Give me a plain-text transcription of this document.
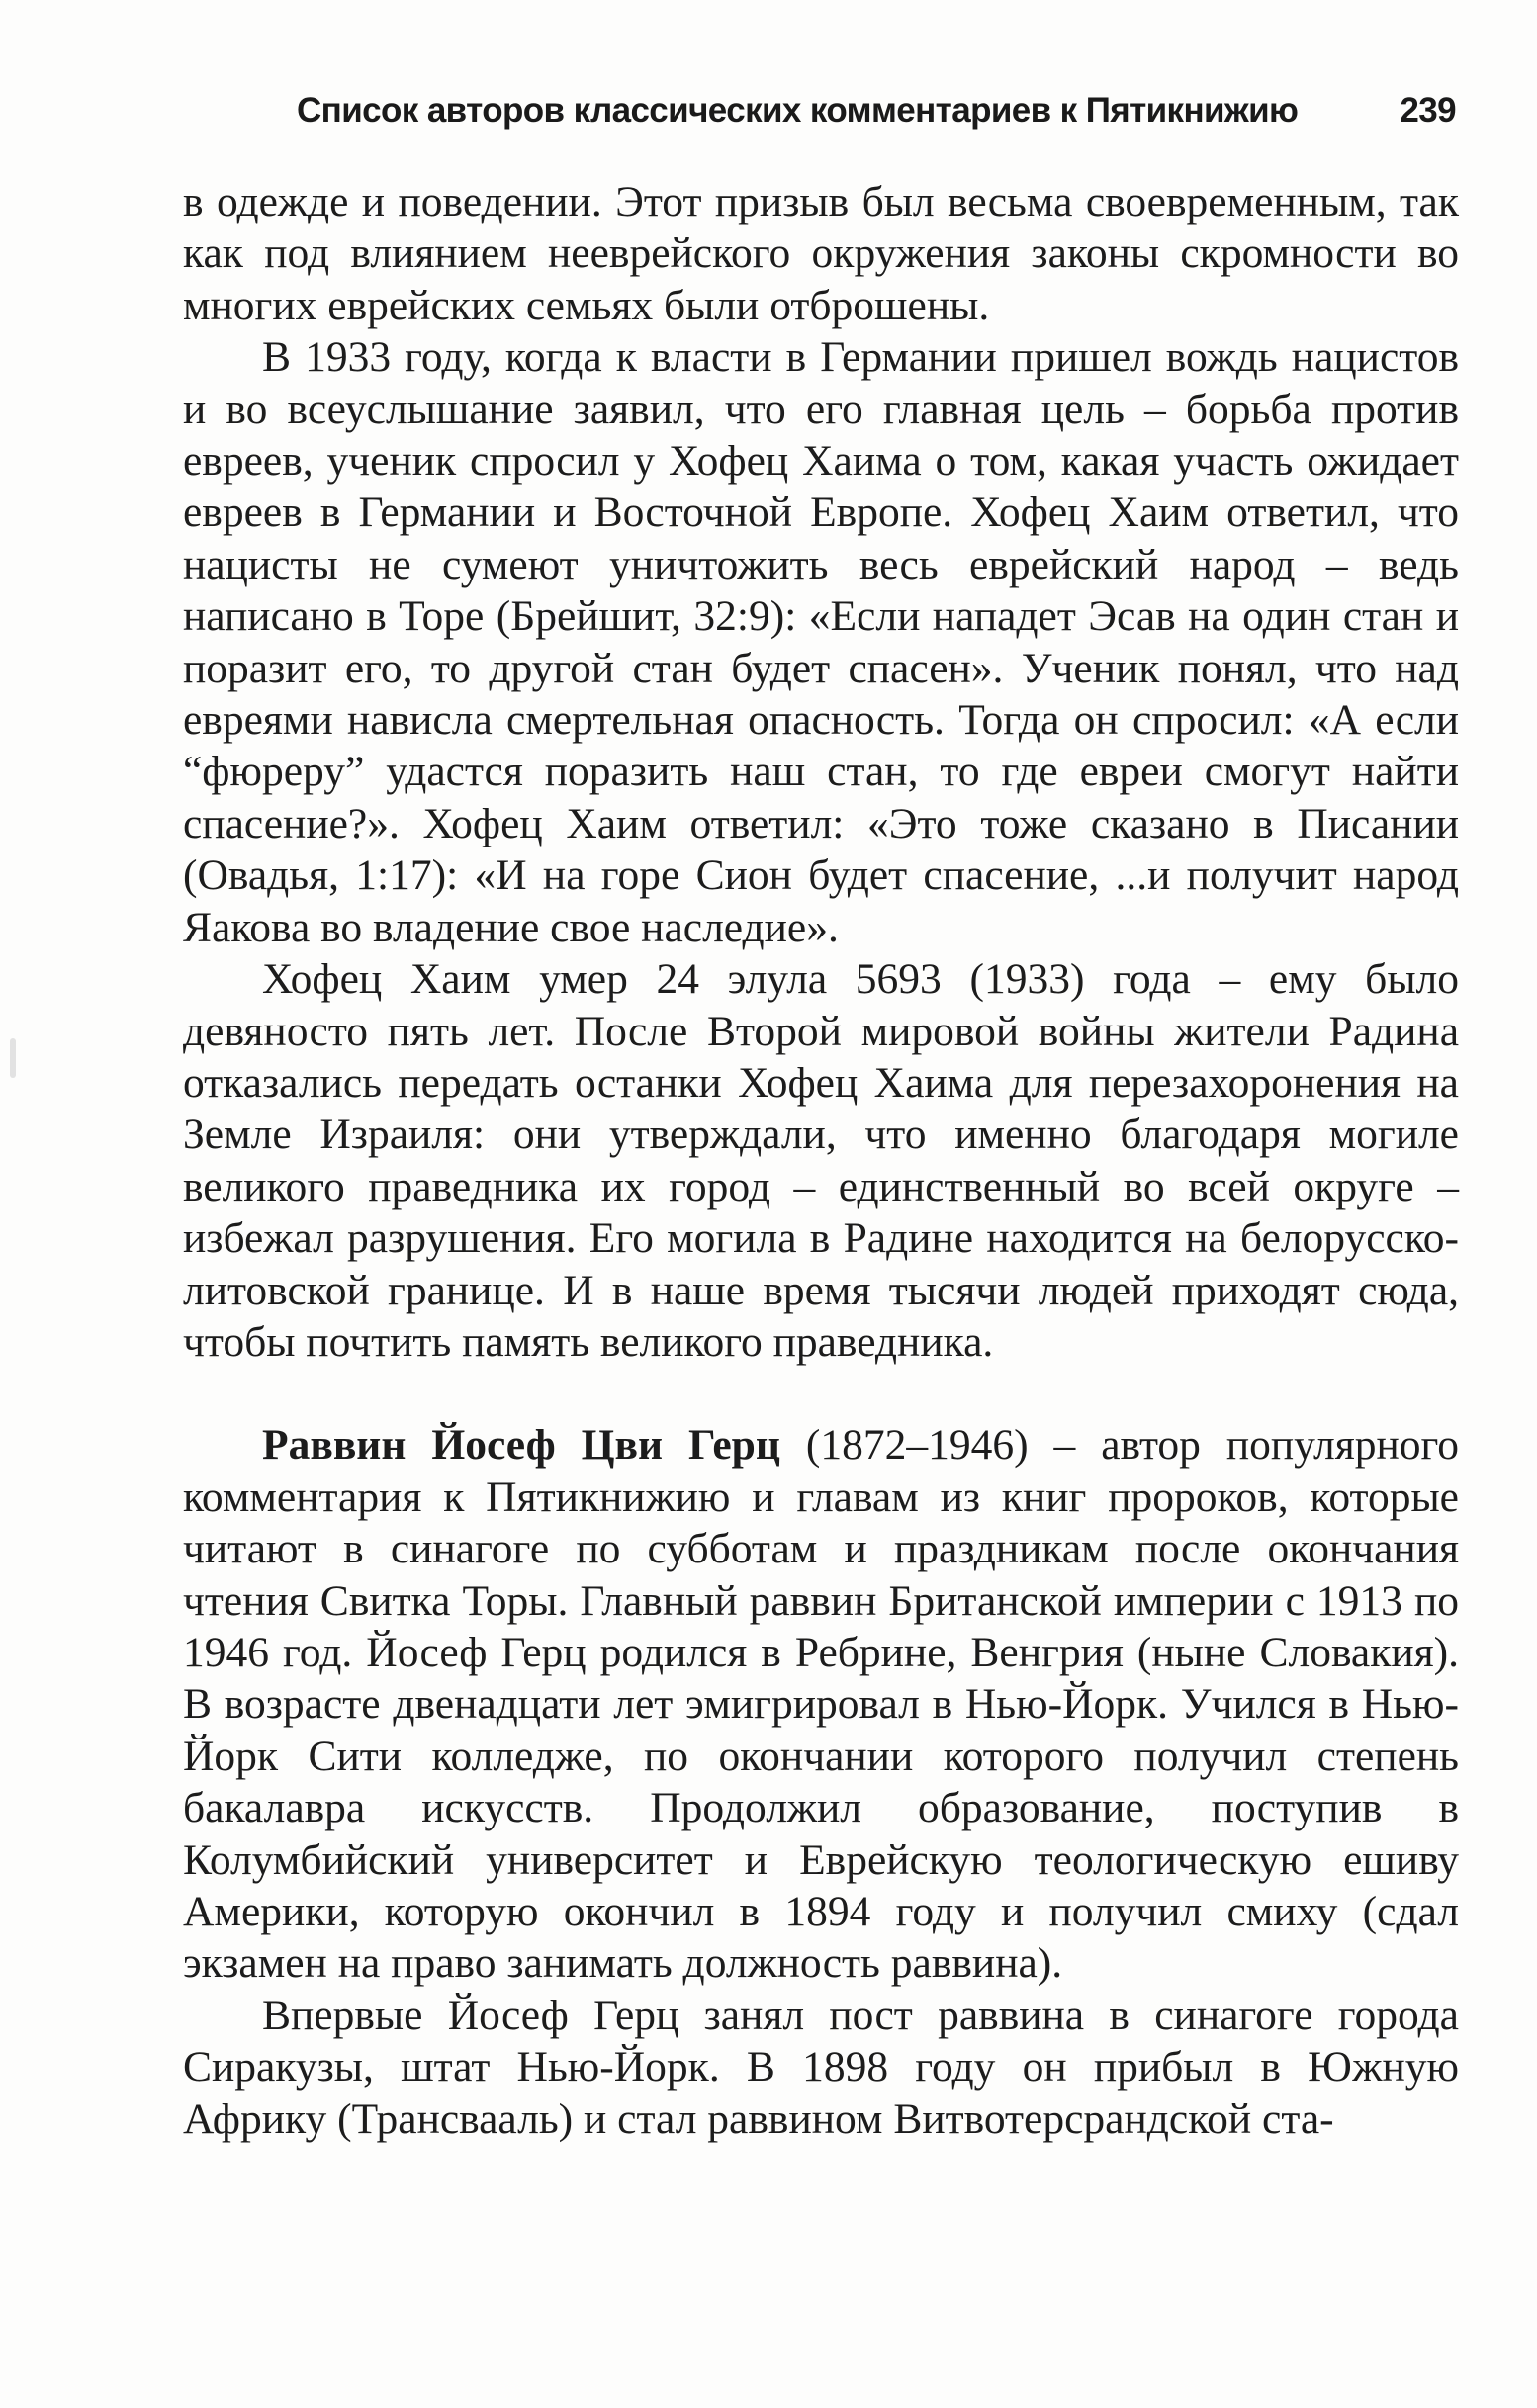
Список авторов классических комментариев к Пятикнижию	239

в одежде и поведении. Этот призыв был весьма своевременным, так как под влиянием нееврейского окружения законы скромности во многих еврейских семьях были отброшены.

В 1933 году, когда к власти в Германии пришел вождь нацистов и во всеуслышание заявил, что его главная цель – борьба против евреев, ученик спросил у Хофец Хаима о том, какая участь ожидает евреев в Германии и Восточной Европе. Хофец Хаим ответил, что нацисты не сумеют уничтожить весь еврейский народ – ведь написано в Торе (Брейшит, 32:9): «Если нападет Эсав на один стан и поразит его, то другой стан будет спасен». Ученик понял, что над евреями нависла смертельная опасность. Тогда он спросил: «А если “фюреру” удастся поразить наш стан, то где евреи смогут найти спасение?». Хофец Хаим ответил: «Это тоже сказано в Писании (Овадья, 1:17): «И на горе Сион будет спасение, ...и получит народ Яакова во владение свое наследие».

Хофец Хаим умер 24 элула 5693 (1933) года – ему было девяносто пять лет. После Второй мировой войны жители Радина отказались передать останки Хофец Хаима для перезахоронения на Земле Израиля: они утверждали, что именно благодаря могиле великого праведника их город – единственный во всей округе – избежал разрушения. Его могила в Радине находится на белорусско-литовской границе. И в наше время тысячи людей приходят сюда, чтобы почтить память великого праведника.

Раввин Йосеф Цви Герц (1872–1946) – автор популярного комментария к Пятикнижию и главам из книг пророков, которые читают в синагоге по субботам и праздникам после окончания чтения Свитка Торы. Главный раввин Британской империи с 1913 по 1946 год. Йосеф Герц родился в Ребрине, Венгрия (ныне Словакия). В возрасте двенадцати лет эмигрировал в Нью-Йорк. Учился в Нью-Йорк Сити колледже, по окончании которого получил степень бакалавра искусств. Продолжил образование, поступив в Колумбийский университет и Еврейскую теологическую ешиву Америки, которую окончил в 1894 году и получил смиху (сдал экзамен на право занимать должность раввина).

Впервые Йосеф Герц занял пост раввина в синагоге города Сиракузы, штат Нью-Йорк. В 1898 году он прибыл в Южную Африку (Трансвааль) и стал раввином Витвотерсрандской ста-
